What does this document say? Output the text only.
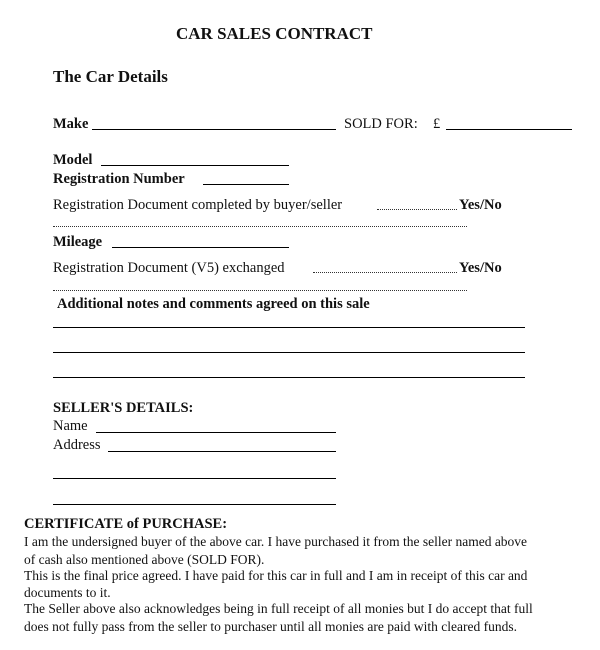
CAR SALES CONTRACT
The Car Details
Make	SOLD FOR: £
Model
Registration Number
Registration Document completed by buyer/seller	Yes/No
Mileage
Registration Document (V5) exchanged	Yes/No
Additional notes and comments agreed on this sale
SELLER'S DETAILS:
Name
Address
CERTIFICATE of PURCHASE:
I am the undersigned buyer of the above car. I have purchased it from the seller named above
of cash also mentioned above (SOLD FOR).
This is the final price agreed. I have paid for this car in full and I am in receipt of this car and
documents to it.
The Seller above also acknowledges being in full receipt of all monies but I do accept that full
does not fully pass from the seller to purchaser until all monies are paid with cleared funds.
